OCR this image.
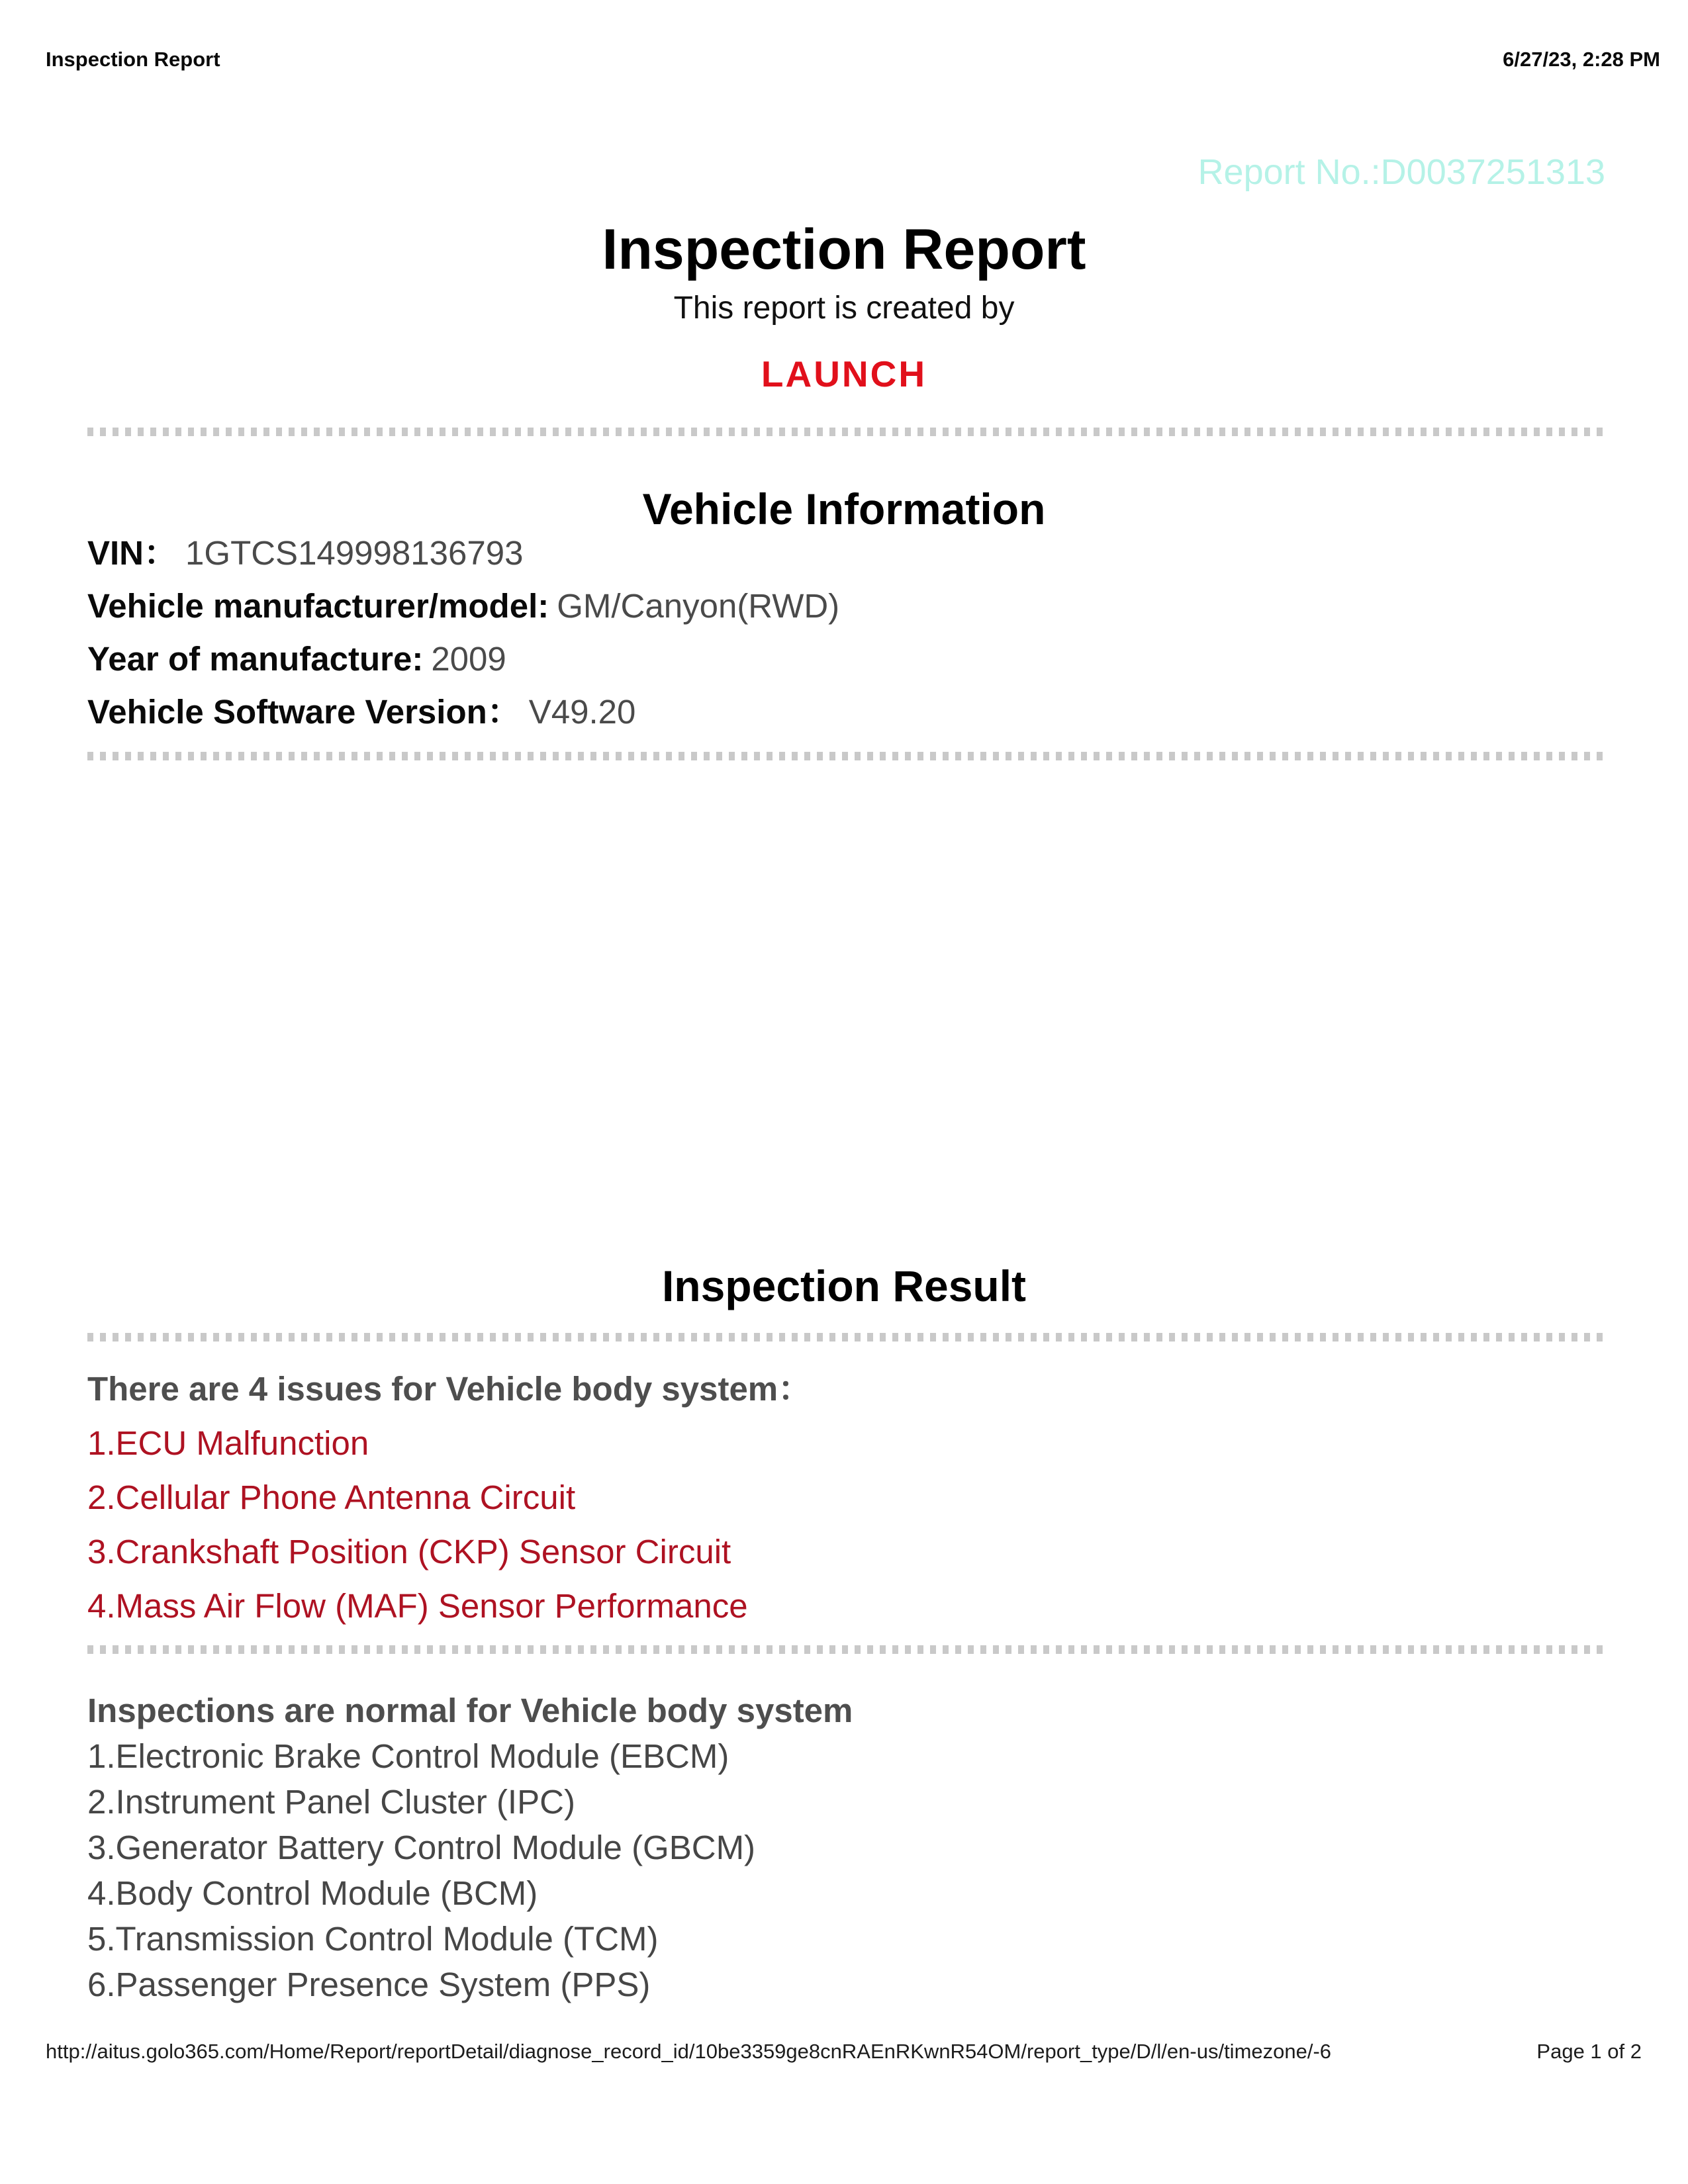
Inspection Report	6/27/23, 2:28 PM
Report No.:D0037251313
Inspection Report
This report is created by
LAUNCH
Vehicle Information

VIN： 1GTCS149998136793

Vehicle manufacturer/model: GM/Canyon(RWD)

Year of manufacture: 2009

Vehicle Software Version： V49.20

Inspection Result

There are 4 issues for Vehicle body system：

1.ECU Malfunction

2.Cellular Phone Antenna Circuit

3.Crankshaft Position (CKP) Sensor Circuit

4.Mass Air Flow (MAF) Sensor Performance

Inspections are normal for Vehicle body system

1.Electronic Brake Control Module (EBCM)

2.Instrument Panel Cluster (IPC)

3.Generator Battery Control Module (GBCM)

4.Body Control Module (BCM)

5.Transmission Control Module (TCM)

6.Passenger Presence System (PPS)

http://aitus.golo365.com/Home/Report/reportDetail/diagnose_record_id/10be3359ge8cnRAEnRKwnR54OM/report_type/D/l/en-us/timezone/-6	Page 1 of 2
